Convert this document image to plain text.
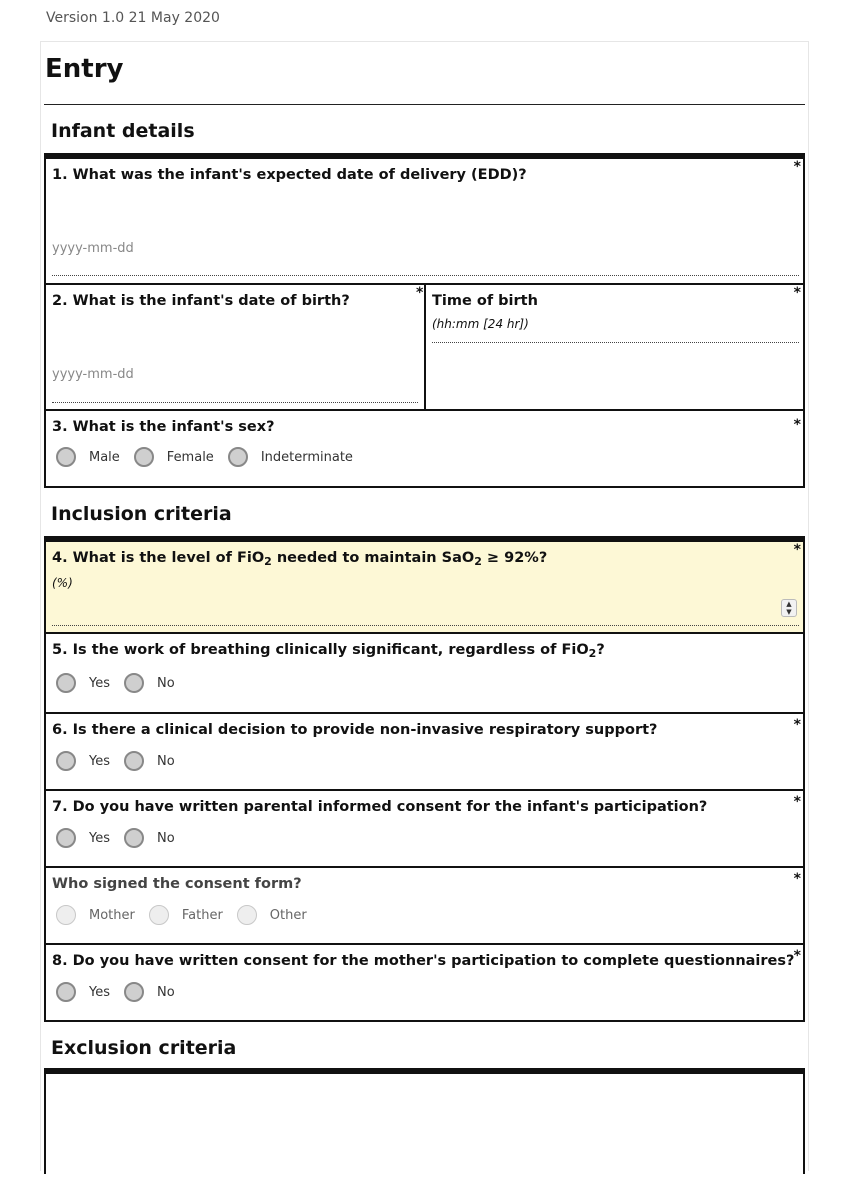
Version 1.0 21 May 2020
Entry
Infant details
*
1. What was the infant's expected date of delivery (EDD)?
yyyy-mm-dd
*	*
2. What is the infant's date of birth?
yyyy-mm-dd
Time of birth
(hh:mm [24 hr])
*
3. What is the infant's sex?
Male	Female	Indeterminate
Inclusion criteria
*
4. What is the level of FiO$_2$ needed to maintain SaO$_2$ ≥ 92%?
(%)
▲
▼
5. Is the work of breathing clinically significant, regardless of FiO$_2$?
Yes	No
*
6. Is there a clinical decision to provide non-invasive respiratory support?
Yes	No
*
7. Do you have written parental informed consent for the infant's participation?
Yes	No
*
Who signed the consent form?
Mother	Father	Other
*
8. Do you have written consent for the mother's participation to complete questionnaires?
Yes	No
Exclusion criteria
